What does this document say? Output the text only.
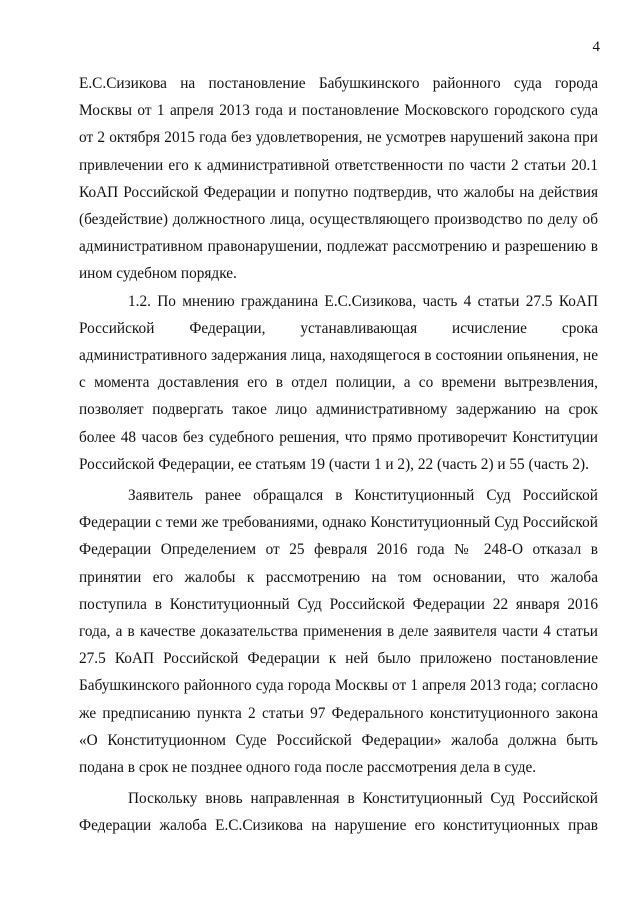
4

Е.С.Сизикова на постановление Бабушкинского районного суда города Москвы от 1 апреля 2013 года и постановление Московского городского суда от 2 октября 2015 года без удовлетворения, не усмотрев нарушений закона при привлечении его к административной ответственности по части 2 статьи 20.1 КоАП Российской Федерации и попутно подтвердив, что жалобы на действия (бездействие) должностного лица, осуществляющего производство по делу об административном правонарушении, подлежат рассмотрению и разрешению в ином судебном порядке.

1.2. По мнению гражданина Е.С.Сизикова, часть 4 статьи 27.5 КоАП Российской Федерации, устанавливающая исчисление срока административного задержания лица, находящегося в состоянии опьянения, не с момента доставления его в отдел полиции, а со времени вытрезвления, позволяет подвергать такое лицо административному задержанию на срок более 48 часов без судебного решения, что прямо противоречит Конституции Российской Федерации, ее статьям 19 (части 1 и 2), 22 (часть 2) и 55 (часть 2).

Заявитель ранее обращался в Конституционный Суд Российской Федерации с теми же требованиями, однако Конституционный Суд Российской Федерации Определением от 25 февраля 2016 года № 248-О отказал в принятии его жалобы к рассмотрению на том основании, что жалоба поступила в Конституционный Суд Российской Федерации 22 января 2016 года, а в качестве доказательства применения в деле заявителя части 4 статьи 27.5 КоАП Российской Федерации к ней было приложено постановление Бабушкинского районного суда города Москвы от 1 апреля 2013 года; согласно же предписанию пункта 2 статьи 97 Федерального конституционного закона «О Конституционном Суде Российской Федерации» жалоба должна быть подана в срок не позднее одного года после рассмотрения дела в суде.

Поскольку вновь направленная в Конституционный Суд Российской Федерации жалоба Е.С.Сизикова на нарушение его конституционных прав
